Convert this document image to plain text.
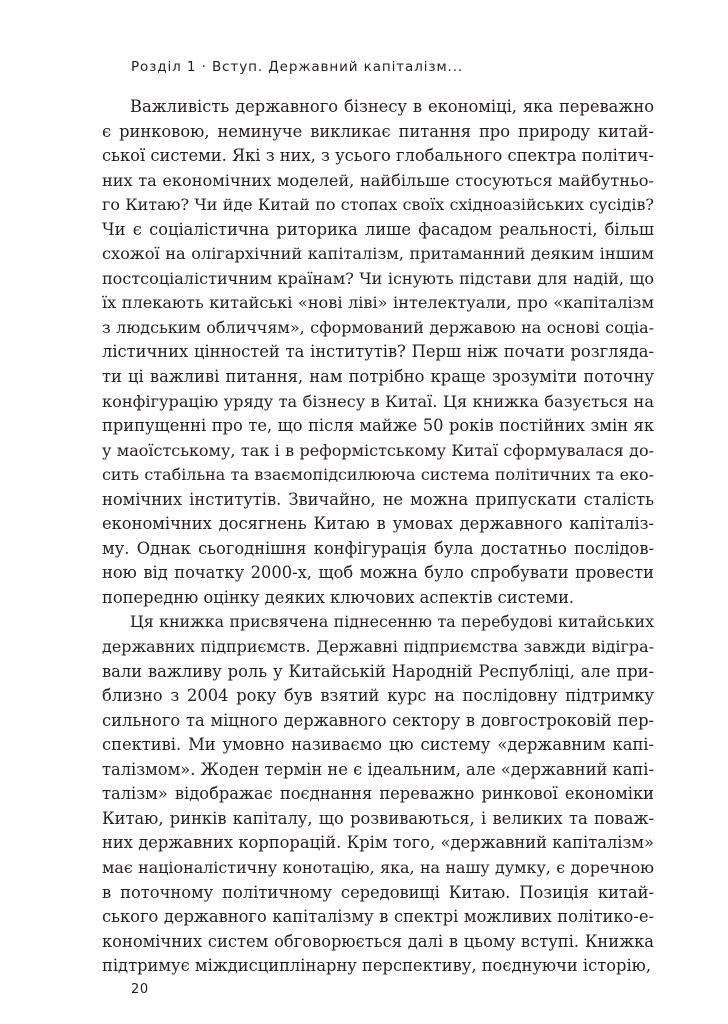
Розділ 1 · Вступ. Державний капіталізм...
Важливість державного бізнесу в економіці, яка переважно
є ринковою, неминуче викликає питання про природу китай-
ської системи. Які з них, з усього глобального спектра політич-
них та економічних моделей, найбільше стосуються майбутньо-
го Китаю? Чи йде Китай по стопах своїх східноазійських сусідів?
Чи є соціалістична риторика лише фасадом реальності, більш
схожої на олігархічний капіталізм, притаманний деяким іншим
постсоціалістичним країнам? Чи існують підстави для надій, що
їх плекають китайські «нові ліві» інтелектуали, про «капіталізм
з людським обличчям», сформований державою на основі соціа-
лістичних цінностей та інститутів? Перш ніж почати розгляда-
ти ці важливі питання, нам потрібно краще зрозуміти поточну
конфігурацію уряду та бізнесу в Китаї. Ця книжка базується на
припущенні про те, що після майже 50 років постійних змін як
у маоїстському, так і в реформістському Китаї сформувалася до-
сить стабільна та взаємопідсилююча система політичних та еко-
номічних інститутів. Звичайно, не можна припускати сталість
економічних досягнень Китаю в умовах державного капіталіз-
му. Однак сьогоднішня конфігурація була достатньо послідов-
ною від початку 2000-х, щоб можна було спробувати провести
попередню оцінку деяких ключових аспектів системи.
Ця книжка присвячена піднесенню та перебудові китайських
державних підприємств. Державні підприємства завжди відігра-
вали важливу роль у Китайській Народній Республіці, але при-
близно з 2004 року був взятий курс на послідовну підтримку
сильного та міцного державного сектору в довгостроковій пер-
спективі. Ми умовно називаємо цю систему «державним капі-
талізмом». Жоден термін не є ідеальним, але «державний капі-
талізм» відображає поєднання переважно ринкової економіки
Китаю, ринків капіталу, що розвиваються, і великих та поваж-
них державних корпорацій. Крім того, «державний капіталізм»
має націоналістичну конотацію, яка, на нашу думку, є доречною
в поточному політичному середовищі Китаю. Позиція китай-
ського державного капіталізму в спектрі можливих політико-е-
кономічних систем обговорюється далі в цьому вступі. Книжка
підтримує міждисциплінарну перспективу, поєднуючи історію,
20
